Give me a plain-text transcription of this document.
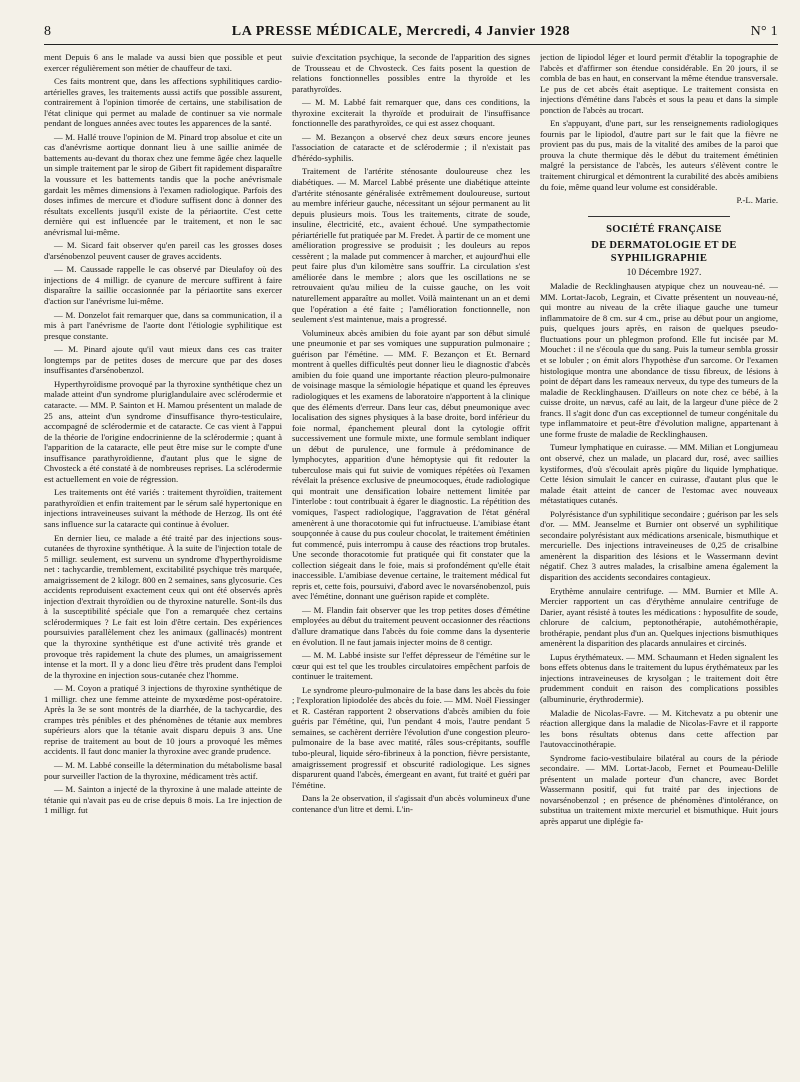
8	LA PRESSE MÉDICALE, Mercredi, 4 Janvier 1928	N° 1

ment Depuis 6 ans le malade va aussi bien que possible et peut exercer régulièrement son métier de chauffeur de taxi.

Ces faits montrent que, dans les affections syphilitiques cardio-artérielles graves, les traitements aussi actifs que possible assurent, contrairement à l'opinion timorée de certains, une stabilisation de l'état clinique qui permet au malade de continuer sa vie normale pendant de longues années avec toutes les apparences de la santé.

— M. Hallé trouve l'opinion de M. Pinard trop absolue et cite un cas d'anévrisme aortique donnant lieu à une saillie animée de battements au-devant du thorax chez une femme âgée chez laquelle un simple traitement par le sirop de Gibert fit rapidement disparaître la voussure et les battements tandis que la poche anévrismale gardait les mêmes dimensions à l'examen radiologique. Parfois des doses infimes de mercure et d'iodure suffisent donc à donner des résultats excellents jusqu'il existe de la périaortite. C'est cette dernière qui est influencée par le traitement, et non le sac anévrismal lui-même.

— M. Sicard fait observer qu'en pareil cas les grosses doses d'arsénobenzol peuvent causer de graves accidents.

— M. Caussade rappelle le cas observé par Dieulafoy où des injections de 4 milligr. de cyanure de mercure suffirent à faire disparaître la saillie occasionnée par la périaortite sans exercer d'action sur l'anévrisme lui-même.

— M. Donzelot fait remarquer que, dans sa communication, il a mis à part l'anévrisme de l'aorte dont l'étiologie syphilitique est presque constante.

— M. Pinard ajoute qu'il vaut mieux dans ces cas traiter longtemps par de petites doses de mercure que par des doses insuffisantes d'arsénobenzol.

Hyperthyroïdisme provoqué par la thyroxine synthétique chez un malade atteint d'un syndrome pluriglandulaire avec sclérodermie et cataracte. — MM. P. Sainton et H. Mamou présentent un malade de 25 ans, atteint d'un syndrome d'insuffisance thyro-testiculaire, accompagné de sclérodermie et de cataracte. Ce cas vient à l'appui de la théorie de l'origine endocrinienne de la sclérodermie ; quant à l'apparition de la cataracte, elle peut être mise sur le compte d'une insuffisance parathyroïdienne, d'autant plus que le signe de Chvosteck a été constaté à de nombreuses reprises. La sclérodermie est actuellement en voie de régression.

Les traitements ont été variés : traitement thyroïdien, traitement parathyroïdien et enfin traitement par le sérum salé hypertonique en injections intraveineuses suivant la méthode de Herzog. Ils ont été sans influence sur la cataracte qui continue à évoluer.

En dernier lieu, ce malade a été traité par des injections sous-cutanées de thyroxine synthétique. À la suite de l'injection totale de 5 milligr. seulement, est survenu un syndrome d'hyperthyroïdisme net : tachycardie, tremblement, excitabilité psychique très marquée, amaigrissement de 2 kilogr. 800 en 2 semaines, sans glycosurie. Ces accidents reproduisent exactement ceux qui ont été observés après injection d'extrait thyroïdien ou de thyroxine naturelle. Sont-ils dus à la susceptibilité spéciale que l'on a remarquée chez certains sclérodermiques ? Le fait est loin d'être certain. Des expériences poursuivies parallèlement chez les animaux (gallinacés) montrent que la thyroxine synthétique est d'une activité très grande et provoque très rapidement la chute des plumes, un amaigrissement intense et la mort. Il y a donc lieu d'être très prudent dans l'emploi de la thyroxine en injection sous-cutanée chez l'homme.

— M. Coyon a pratiqué 3 injections de thyroxine synthétique de 1 milligr. chez une femme atteinte de myxœdème post-opératoire. Après la 3e se sont montrés de la diarrhée, de la tachycardie, des crampes très pénibles et des phénomènes de tétanie aux membres supérieurs alors que la tétanie avait disparu depuis 3 ans. Une reprise de traitement au bout de 10 jours a provoqué les mêmes accidents. Il faut donc manier la thyroxine avec grande prudence.

— M. M. Labbé conseille la détermination du métabolisme basal pour surveiller l'action de la thyroxine, médicament très actif.

— M. Sainton a injecté de la thyroxine à une malade atteinte de tétanie qui n'avait pas eu de crise depuis 8 mois. La 1re injection de 1 milligr. fut

suivie d'excitation psychique, la seconde de l'apparition des signes de Trousseau et de Chvosteck. Ces faits posent la question de relations fonctionnelles possibles entre la thyroïde et les parathyroïdes.

— M. M. Labbé fait remarquer que, dans ces conditions, la thyroxine exciterait la thyroïde et produirait de l'insuffisance fonctionnelle des parathyroïdes, ce qui est assez choquant.

— M. Bezançon a observé chez deux sœurs encore jeunes l'association de cataracte et de sclérodermie ; il n'existait pas d'hérédo-syphilis.

Traitement de l'artérite sténosante douloureuse chez les diabétiques. — M. Marcel Labbé présente une diabétique atteinte d'artérite sténosante généralisée extrêmement douloureuse, surtout au membre inférieur gauche, nécessitant un séjour permanent au lit depuis plusieurs mois. Tous les traitements, citrate de soude, insuline, électricité, etc., avaient échoué. Une sympathectomie périartérielle fut pratiquée par M. Fredet. À partir de ce moment une amélioration progressive se produisit ; les douleurs au repos cessèrent ; la malade put commencer à marcher, et aujourd'hui elle peut faire plus d'un kilomètre sans souffrir. La circulation s'est améliorée dans le membre ; alors que les oscillations ne se retrouvaient qu'au milieu de la cuisse gauche, on les voit naturellement apparaître au mollet. Voilà maintenant un an et demi que l'opération a été faite ; l'amélioration fonctionnelle, non seulement s'est maintenue, mais a progressé.

Volumineux abcès amibien du foie ayant par son début simulé une pneumonie et par ses vomiques une suppuration pulmonaire ; guérison par l'émétine. — MM. F. Bezançon et Et. Bernard montrent à quelles difficultés peut donner lieu le diagnostic d'abcès amibien du foie quand une importante réaction pleuro-pulmonaire de voisinage masque la sémiologie hépatique et quand les épreuves radiologiques et les examens de laboratoire n'apportent à la clinique que des éléments d'erreur. Dans leur cas, début pneumonique avec localisation des signes physiques à la base droite, bord inférieur du foie normal, épanchement pleural dont la cytologie offrit successivement une formule mixte, une formule semblant indiquer un début de purulence, une formule à prédominance de lymphocytes, apparition d'une hémoptysie qui fit redouter la tuberculose mais qui fut suivie de vomiques répétées où l'examen révélait la présence exclusive de pneumocoques, étude radiologique qui montrait une densification lobaire nettement limitée par l'interlobe : tout contribuait à égarer le diagnostic. La répétition des vomiques, l'aspect radiologique, l'aggravation de l'état général amenèrent à une thoracotomie qui fut infructueuse. L'amibiase étant soupçonnée à cause du pus couleur chocolat, le traitement émétinien fut commencé, puis interrompu à cause des réactions trop brutales. Une seconde thoracotomie fut pratiquée qui fit constater que la collection siégeait dans le foie, mais si profondément qu'elle était inaccessible. L'amibiase devenue certaine, le traitement médical fut repris et, cette fois, poursuivi, d'abord avec le novarsénobenzol, puis avec l'émétine, donnant une guérison rapide et complète.

— M. Flandin fait observer que les trop petites doses d'émétine employées au début du traitement peuvent occasionner des réactions d'allure dramatique dans l'abcès du foie comme dans la dysenterie en évolution. Il ne faut jamais injecter moins de 8 centigr.

— M. M. Labbé insiste sur l'effet dépresseur de l'émétine sur le cœur qui est tel que les troubles circulatoires empêchent parfois de continuer le traitement.

Le syndrome pleuro-pulmonaire de la base dans les abcès du foie ; l'exploration lipiodolée des abcès du foie. — MM. Noël Fiessinger et R. Castéran rapportent 2 observations d'abcès amibien du foie guéris par l'émétine, qui, l'un pendant 4 mois, l'autre pendant 5 semaines, se cachèrent derrière l'évolution d'une congestion pleuro-pulmonaire de la base avec matité, râles sous-crépitants, souffle tubo-pleural, liquide séro-fibrineux à la ponction, fièvre persistante, amaigrissement progressif et obscurité radiologique. Les signes disparurent quand l'abcès, émergeant en avant, fut traité et guéri par l'émétine.

Dans la 2e observation, il s'agissait d'un abcès volumineux d'une contenance d'un litre et demi. L'in-

jection de lipiodol léger et lourd permit d'établir la topographie de l'abcès et d'affirmer son étendue considérable. En 20 jours, il se combla de bas en haut, en conservant la même étendue transversale. Le pus de cet abcès était aseptique. Le traitement consista en injections d'émétine dans l'abcès et sous la peau et dans la simple ponction de l'abcès au trocart.

En s'appuyant, d'une part, sur les renseignements radiologiques fournis par le lipiodol, d'autre part sur le fait que la fièvre ne provient pas du pus, mais de la vitalité des amibes de la paroi que prouva la chute thermique dès le début du traitement émétinien malgré la persistance de l'abcès, les auteurs s'élèvent contre le traitement chirurgical et démontrent la curabilité des abcès amibiens du foie, même quand leur volume est considérable.

P.-L. Marie.

SOCIÉTÉ FRANÇAISE

DE DERMATOLOGIE ET DE SYPHILIGRAPHIE

10 Décembre 1927.

Maladie de Recklinghausen atypique chez un nouveau-né. — MM. Lortat-Jacob, Legrain, et Civatte présentent un nouveau-né, qui montre au niveau de la crête iliaque gauche une tumeur inflammatoire de 8 cm. sur 4 cm., prise au début pour un angiome, puis, quelques jours après, en raison de quelques pseudo-fluctuations pour un phlegmon profond. Elle fut incisée par M. Mouchet : il ne s'écoula que du sang. Puis la tumeur sembla grossir et se lobuler ; on émit alors l'hypothèse d'un sarcome. Or l'examen histologique montra une abondance de tissu fibreux, de lésions à point de départ dans les rameaux nerveux, du type des tumeurs de la maladie de Recklinghausen. D'ailleurs on note chez ce bébé, à la cuisse droite, un nævus, café au lait, de la largeur d'une pièce de 2 francs. Il s'agit donc d'un cas exceptionnel de tumeur congénitale du type inflammatoire et peut-être d'évolution maligne, appartenant à une forme fruste de maladie de Recklinghausen.

Tumeur lymphatique en cuirasse. — MM. Milian et Longjumeau ont observé, chez un malade, un placard dur, rosé, avec saillies kystiformes, d'où s'écoulait après piqûre du liquide lymphatique. Cette lésion simulait le cancer en cuirasse, d'autant plus que le malade était atteint de cancer de l'estomac avec nouveaux métastatiques cutanés.

Polyrésistance d'un syphilitique secondaire ; guérison par les sels d'or. — MM. Jeanselme et Burnier ont observé un syphilitique secondaire polyrésistant aux médications arsenicale, bismuthique et mercurielle. Des injections intraveineuses de 0,25 de crisalbine amenèrent la disparition des lésions et le Wassermann devint négatif. Chez 3 autres malades, la crisalbine amena également la disparition des accidents secondaires contagieux.

Erythème annulaire centrifuge. — MM. Burnier et Mlle A. Mercier rapportent un cas d'érythème annulaire centrifuge de Darier, ayant résisté à toutes les médications : hyposulfite de soude, chlorure de calcium, peptonothérapie, autohémothérapie, brothérapie, pendant plus d'un an. Quelques injections bismuthiques amenèrent la disparition des placards annulaires et circinés.

Lupus érythémateux. — MM. Schaumann et Heden signalent les bons effets obtenus dans le traitement du lupus érythémateux par les injections intraveineuses de krysolgan ; le traitement doit être prudemment conduit en raison des complications possibles (albuminurie, érythrodermie).

Maladie de Nicolas-Favre. — M. Kitchevatz a pu obtenir une réaction allergique dans la maladie de Nicolas-Favre et il rapporte les bons résultats obtenus dans cette affection par l'autovaccinothérapie.

Syndrome facio-vestibulaire bilatéral au cours de la période secondaire. — MM. Lortat-Jacob, Fernet et Poumeau-Delille présentent un malade porteur d'un chancre, avec Bordet Wassermann positif, qui fut traité par des injections de novarsénobenzol ; en présence de phénomènes d'intolérance, on substitua un traitement mixte mercuriel et bismuthique. Huit jours après apparut une diplégie fa-
